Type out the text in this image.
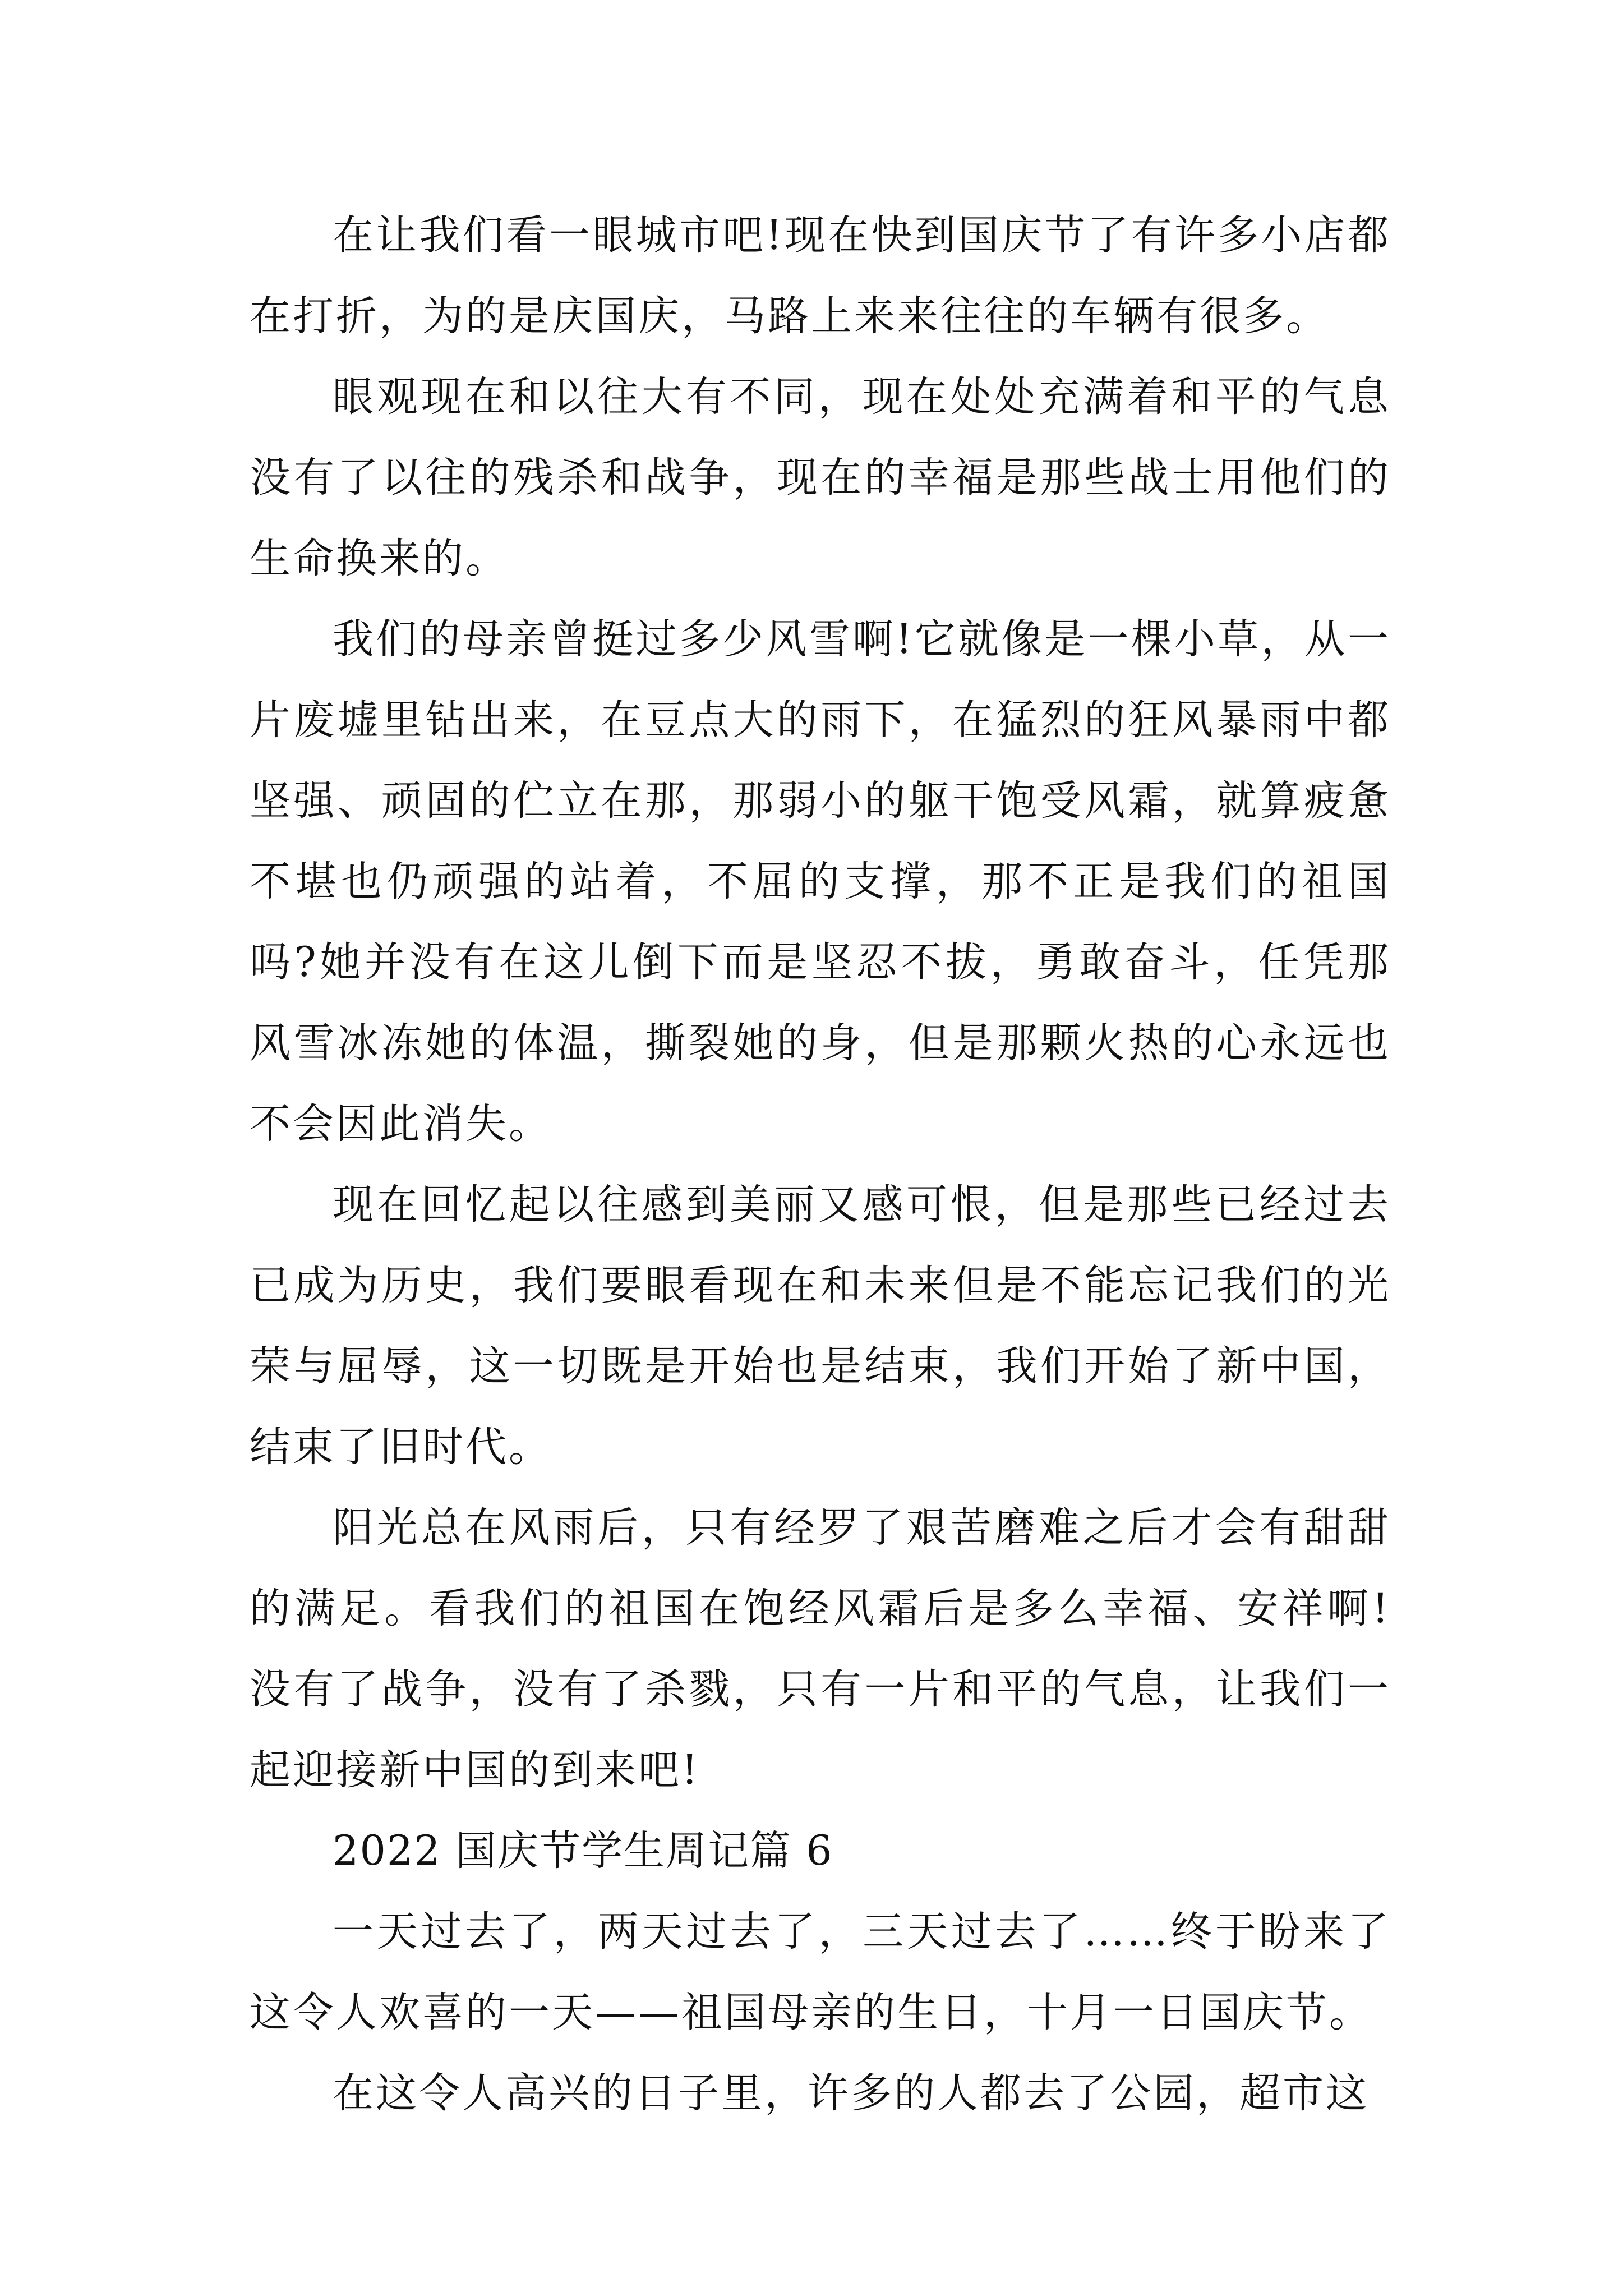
在让我们看一眼城市吧!现在快到国庆节了有许多小店都在打折，为的是庆国庆，马路上来来往往的车辆有很多。

眼观现在和以往大有不同，现在处处充满着和平的气息没有了以往的残杀和战争，现在的幸福是那些战士用他们的生命换来的。

我们的母亲曾挺过多少风雪啊!它就像是一棵小草，从一片废墟里钻出来，在豆点大的雨下，在猛烈的狂风暴雨中都坚强、顽固的伫立在那，那弱小的躯干饱受风霜，就算疲惫不堪也仍顽强的站着，不屈的支撑，那不正是我们的祖国吗?她并没有在这儿倒下而是坚忍不拔，勇敢奋斗，任凭那风雪冰冻她的体温，撕裂她的身，但是那颗火热的心永远也不会因此消失。

现在回忆起以往感到美丽又感可恨，但是那些已经过去已成为历史，我们要眼看现在和未来但是不能忘记我们的光荣与屈辱，这一切既是开始也是结束，我们开始了新中国，结束了旧时代。

阳光总在风雨后，只有经罗了艰苦磨难之后才会有甜甜的满足。看我们的祖国在饱经风霜后是多么幸福、安祥啊!没有了战争，没有了杀戮，只有一片和平的气息，让我们一起迎接新中国的到来吧!

2022 国庆节学生周记篇 6

一天过去了，两天过去了，三天过去了……终于盼来了这令人欢喜的一天——祖国母亲的生日，十月一日国庆节。

在这令人高兴的日子里，许多的人都去了公园，超市这
